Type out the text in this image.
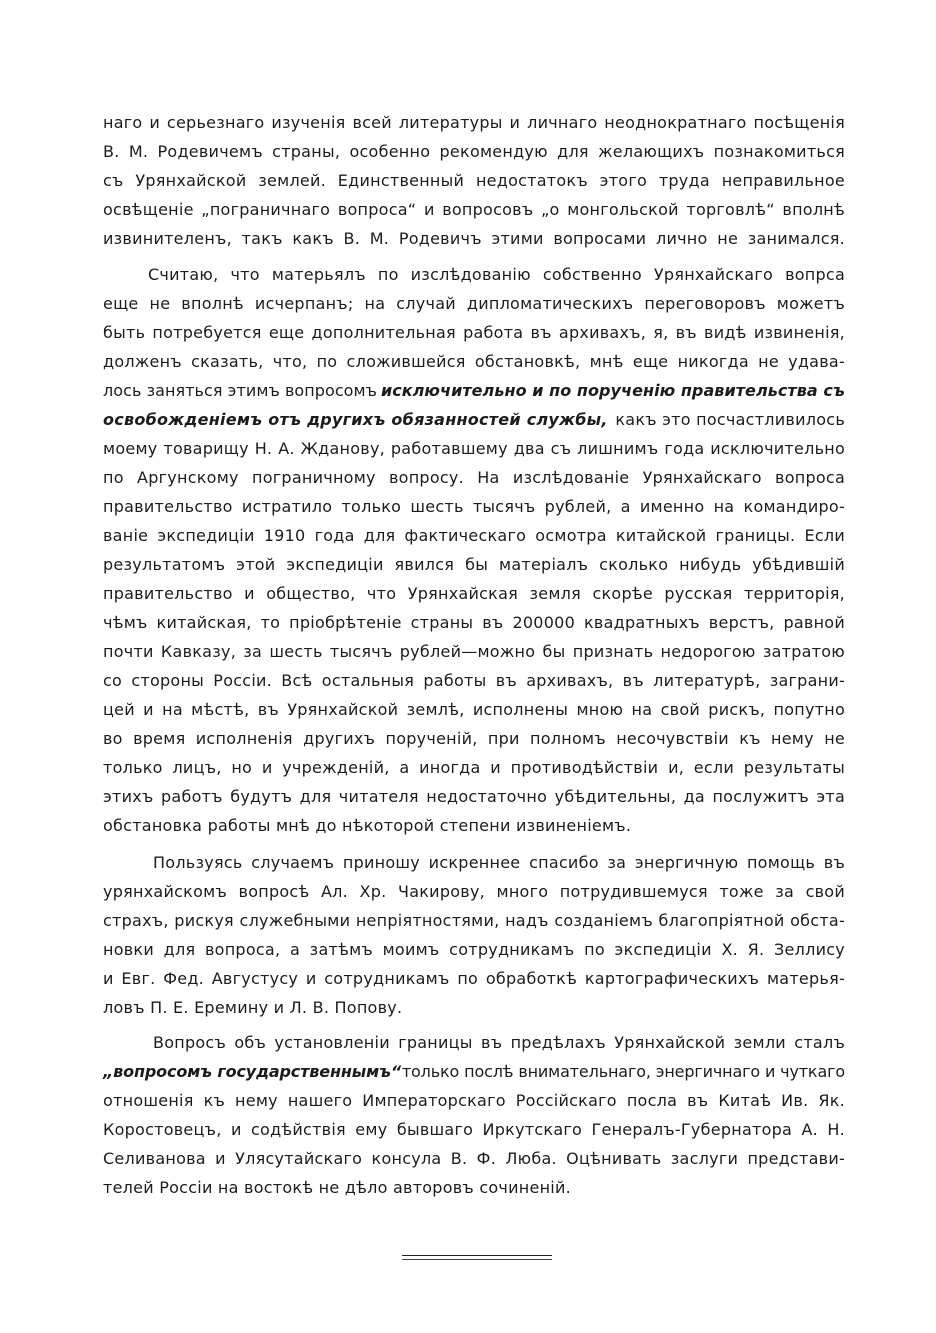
нагo и серьезнаго изученія всей литературы и личнаго неоднократнаго посѣщенія
В. М. Родевичемъ страны, особенно рекомендую для желающихъ познакомиться
съ Урянхайской землей. Единственный недостатокъ этого труда неправильное
освѣщеніе „пограничнаго вопроса“ и вопросовъ „о монгольской торговлѣ“ вполнѣ
извинителенъ, такъ какъ В. М. Родевичъ этими вопросами лично не занимался.
Считаю, что матерьялъ по изслѣдованію собственно Урянхайскаго вопрса
еще не вполнѣ исчерпанъ; на случай дипломатическихъ переговоровъ можетъ
быть потребуется еще дополнительная работа въ архивахъ, я, въ видѣ извиненія,
долженъ сказать, что, по сложившейся обстановкѣ, мнѣ еще никогда не удава-
лось заняться этимъ вопросомъ исключительно и по порученію правительства съ
освобожденіемъ отъ другихъ обязанностей службы, какъ это посчастливилось
моему товарищу Н. А. Жданову, работавшему два съ лишнимъ года исключительно
по Аргунскому пограничному вопросу. На изслѣдованіе Урянхайскаго вопроса
правительство истратило только шесть тысячъ рублей, а именно на командиро-
ваніе экспедиціи 1910 года для фактическаго осмотра китайской границы. Если
результатомъ этой экспедиціи явился бы матеріалъ сколько нибудь убѣдившій
правительство и общество, что Урянхайская земля скорѣе русская территорія,
чѣмъ китайская, то пріобрѣтеніе страны въ 200000 квадратныхъ верстъ, равной
почти Кавказу, за шесть тысячъ рублей—можно бы признать недорогою затратою
со стороны Россіи. Всѣ остальныя работы въ архивахъ, въ литературѣ, заграни-
цей и на мѣстѣ, въ Урянхайской землѣ, исполнены мною на свой рискъ, попутно
во время исполненія другихъ порученій, при полномъ несочувствіи къ нему не
только лицъ, но и учрежденій, а иногда и противодѣйствіи и, если результаты
этихъ работъ будутъ для читателя недостаточно убѣдительны, да послужитъ эта
обстановка работы мнѣ до нѣкоторой степени извиненіемъ.
Пользуясь случаемъ приношу искреннее спасибо за энергичную помощь въ
урянхайскомъ вопросѣ Ал. Хр. Чакирову, много потрудившемуся тоже за свой
страхъ, рискуя служебными непріятностями, надъ созданіемъ благопріятной обста-
новки для вопроса, а затѣмъ моимъ сотрудникамъ по экспедиціи Х. Я. Зеллису
и Евг. Фед. Августусу и сотрудникамъ по обработкѣ картографическихъ матерья-
ловъ П. Е. Еремину и Л. В. Попову.
Вопросъ объ установленіи границы въ предѣлахъ Урянхайской земли сталъ
„вопросомъ государственнымъ“ только послѣ внимательнаго, энергичнаго и чуткаго
отношенія къ нему нашего Императорскаго Россійскаго посла въ Китаѣ Ив. Як.
Коростовецъ, и содѣйствія ему бывшаго Иркутскаго Генералъ-Губернатора А. Н.
Селиванова и Улясутайскаго консула В. Ф. Люба. Оцѣнивать заслуги представи-
телей Россіи на востокѣ не дѣло авторовъ сочиненій.
